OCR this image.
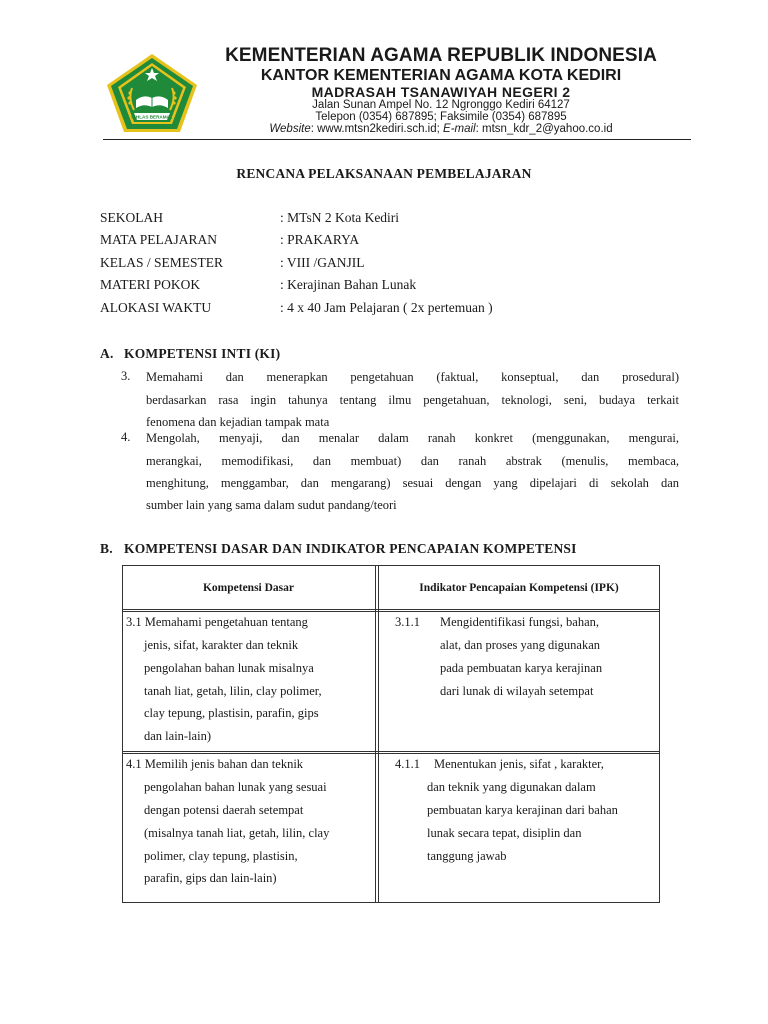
IKHLAS BERAMAL
KEMENTERIAN AGAMA REPUBLIK INDONESIA
KANTOR KEMENTERIAN AGAMA KOTA KEDIRI
MADRASAH TSANAWIYAH NEGERI 2
Jalan Sunan Ampel No. 12 Ngronggo Kediri 64127
Telepon (0354) 687895; Faksimile (0354) 687895
Website: www.mtsn2kediri.sch.id; E-mail: mtsn_kdr_2@yahoo.co.id
RENCANA PELAKSANAAN PEMBELAJARAN
SEKOLAH	: MTsN 2 Kota Kediri
MATA PELAJARAN	: PRAKARYA
KELAS / SEMESTER	: VIII /GANJIL
MATERI POKOK	: Kerajinan Bahan Lunak
ALOKASI WAKTU	: 4 x 40 Jam Pelajaran ( 2x pertemuan )
A. KOMPETENSI INTI (KI)
3. Memahami dan menerapkan pengetahuan (faktual, konseptual, dan prosedural)
berdasarkan rasa ingin tahunya tentang ilmu pengetahuan, teknologi, seni, budaya terkait
fenomena dan kejadian tampak mata
4. Mengolah, menyaji, dan menalar dalam ranah konkret (menggunakan, mengurai,
merangkai, memodifikasi, dan membuat) dan ranah abstrak (menulis, membaca,
menghitung, menggambar, dan mengarang) sesuai dengan yang dipelajari di sekolah dan
sumber lain yang sama dalam sudut pandang/teori
B. KOMPETENSI DASAR DAN INDIKATOR PENCAPAIAN KOMPETENSI
Kompetensi Dasar	Indikator Pencapaian Kompetensi (IPK)
3.1 Memahami pengetahuan tentang
jenis, sifat, karakter dan teknik
pengolahan bahan lunak misalnya
tanah liat, getah, lilin, clay polimer,
clay tepung, plastisin, parafin, gips
dan lain-lain)
3.1.1 Mengidentifikasi fungsi, bahan,
alat, dan proses yang digunakan
pada pembuatan karya kerajinan
dari lunak di wilayah setempat
4.1 Memilih jenis bahan dan teknik
pengolahan bahan lunak yang sesuai
dengan potensi daerah setempat
(misalnya tanah liat, getah, lilin, clay
polimer, clay tepung, plastisin,
parafin, gips dan lain-lain)
4.1.1 Menentukan jenis, sifat , karakter,
dan teknik yang digunakan dalam
pembuatan karya kerajinan dari bahan
lunak secara tepat, disiplin dan
tanggung jawab
